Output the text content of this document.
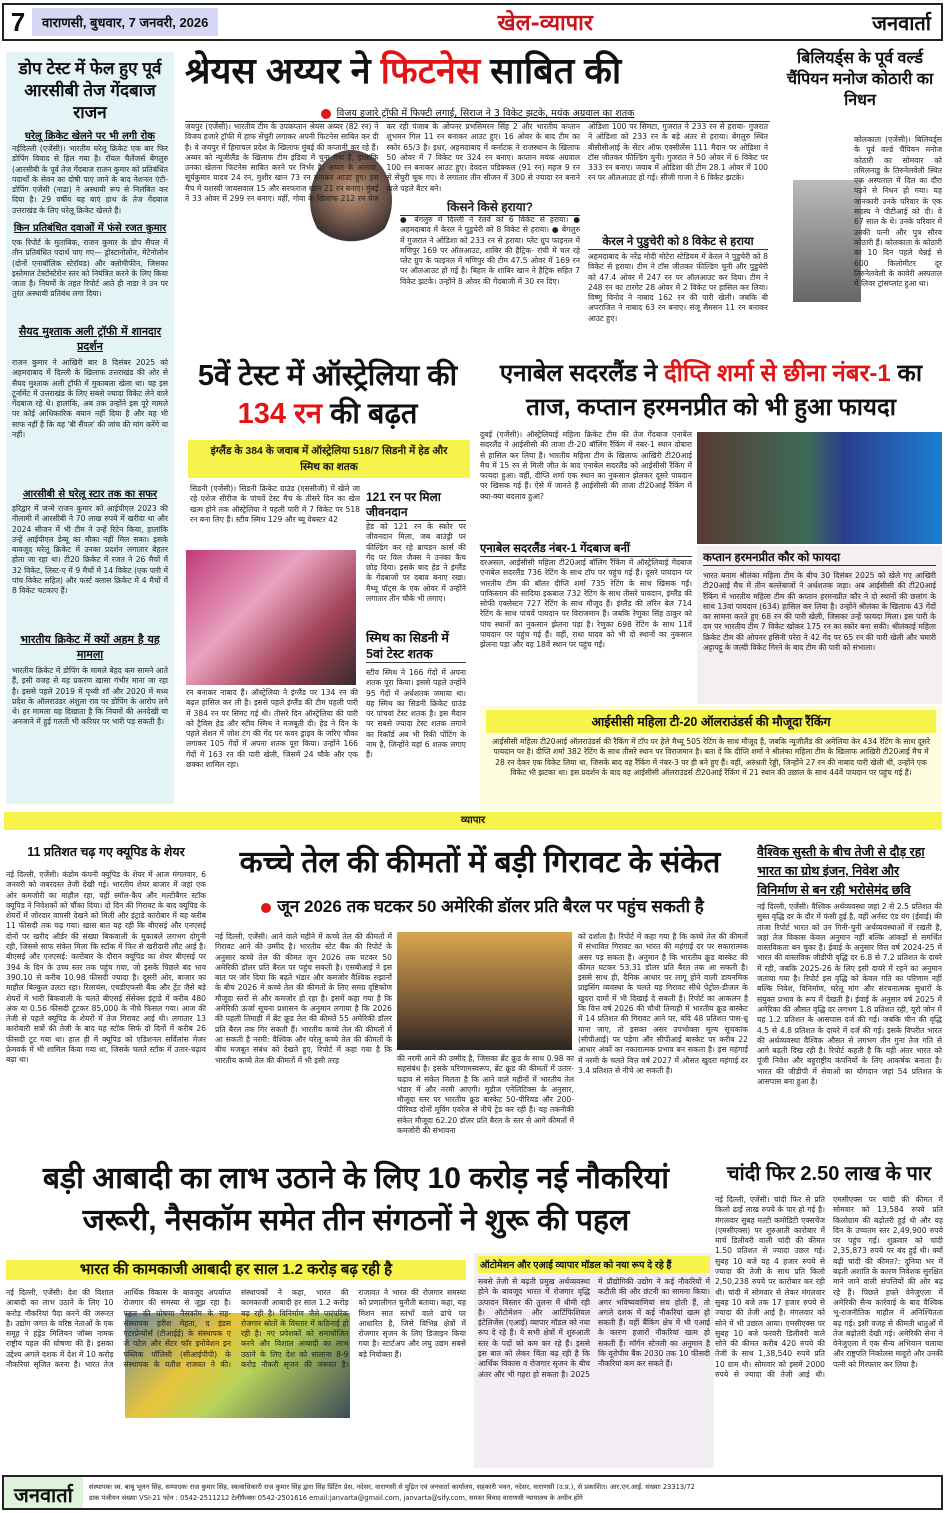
7	वाराणसी, बुधवार, 7 जनवरी, 2026	खेल-व्यापार	जनवार्ता
डोप टेस्ट में फेल हुए पूर्व आरसीबी तेज गेंदबाज राजन
घरेलू क्रिकेट खेलने पर भी लगी रोक
नईदिल्ली (एजेंसी)। भारतीय घरेलू क्रिकेट एक बार फिर डोपिंग विवाद से हिल गया है। रॉयल चैलेंजर्स बेंगलुरु (आरसीबी के पूर्व तेज गेंदबाज राजन कुमार को प्रतिबंधित पदार्थों के सेवन का दोषी पाए जाने के बाद नेशनल एंटी-डोपिंग एजेंसी (नाडा) ने अस्थायी रूप से निलंबित कर दिया है। 29 वर्षीय यह बाएं हाथ के तेज गेंदबाज उत्तराखंड के लिए घरेलू क्रिकेट खेलते हैं।
किन प्रतिबंधित दवाओं में फंसे रजत कुमार
एक रिपोर्ट के मुताबिक, राजन कुमार के डोप सैंपल में तीन प्रतिबंधित पदार्थ पाए गए— ड्रोस्टानोलोन, मेटेनोलोन (दोनों एनाबॉलिक स्टेरॉयड) और क्लोमीफीन, जिसका इस्तेमाल टेस्टोस्टेरोन स्तर को नियंत्रित करने के लिए किया जाता है। नियमों के तहत रिपोर्ट आते ही नाडा ने उन पर तुरंत अस्थायी प्रतिबंध लगा दिया।
सैयद मुश्ताक अली ट्रॉफी में शानदार प्रदर्शन
राजन कुमार ने आखिरी बार 8 दिसंबर 2025 को अहमदाबाद में दिल्ली के खिलाफ उत्तराखंड की ओर से सैयद मुश्ताक अली ट्रॉफी में मुकाबला खेला था। वह इस टूर्नामेंट में उत्तराखंड के लिए सबसे ज्यादा विकेट लेने वाले गेंदबाज रहे थे। हालांकि, अब तक उन्होंने इस पूरे मामले पर कोई आधिकारिक बयान नहीं दिया है और यह भी साफ नहीं है कि वह 'बी सैंपल' की जांच की मांग करेंगे या नहीं।
आरसीबी से घरेलू स्टार तक का सफर
हरिद्वार में जन्मे राजन कुमार को आईपीएल 2023 की नीलामी में आरसीबी ने 70 लाख रुपये में खरीदा था और 2024 सीजन में भी टीम ने उन्हें रिटेन किया, हालांकि उन्हें आईपीएल डेब्यू का मौका नहीं मिल सका। इसके बावजूद घरेलू क्रिकेट में उनका प्रदर्शन लगातार बेहतर होता जा रहा था। टी20 क्रिकेट में रजत ने 26 मैचों में 32 विकेट, लिस्ट-ए में 9 मैचों में 14 विकेट (एक पारी में पांच विकेट सहित) और फर्स्ट क्लास क्रिकेट में 4 मैचों में 8 विकेट चटकाए हैं।
भारतीय क्रिकेट में क्यों अहम है यह मामला
भारतीय क्रिकेट में डोपिंग के मामले बेहद कम सामने आते हैं, इसी वजह से यह प्रकरण खासा गंभीर माना जा रहा है। इससे पहले 2019 में पृथ्वी शॉ और 2020 में मध्य प्रदेश के ऑलराउंडर अंशुला राव पर डोपिंग के आरोप लगे थे। हर मामला यह दिखाता है कि नियमों की अनदेखी या अनजाने में हुई गलती भी करियर पर भारी पड़ सकती है।
श्रेयस अय्यर ने फिटनेस साबित की
विजय हजारे ट्रॉफी में फिफ्टी लगाई, सिराज ने 3 विकेट झटके, मयंक अग्रवाल का शतक
जयपुर (एजेंसी)। भारतीय टीम के उपकप्तान श्रेयस अय्यर (82 रन) ने विजय हजारे ट्रॉफी में हाफ सेंचुरी लगाकर अपनी फिटनेस साबित कर दी है। वे जयपुर में हिमाचल प्रदेश के खिलाफ मुंबई की कप्तानी कर रहे हैं। अय्यर को न्यूजीलैंड के खिलाफ टीम इंडिया में चुना गया है, हालांकि उनका खेलना फिटनेस साबित करने पर निर्भर है। अय्यर के अलावा, सूर्यकुमार यादव 24 रन, मुशीर खान 73 रन बनाकर आउट हुए। इस मैच में यशस्वी जायसवाल 15 और सरफराज खान 21 रन बनाए। मुंबई ने 33 ओवर में 299 रन बनाए। वहीं, गोवा के खिलाफ 212 रन चेज कर रही पंजाब के ओपनर प्रभसिमरन सिंह 2 और भारतीय कप्तान शुभमन गिल 11 रन बनाकर आउट हुए। 16 ओवर के बाद टीम का स्कोर 65/3 है। इधर, अहमदाबाद में कर्नाटक ने राजस्थान के खिलाफ 50 ओवर में 7 विकेट पर 324 रन बनाए। कप्तान मयंक अग्रवाल 100 रन बनाकर आउट हुए। देवदत्त पडिक्कल (91 रन) महज 9 रन से सेंचुरी चूक गए। वे लगातार तीन सीजन में 300 से ज्यादा रन बनाने वाले पहले बैटर बने।
किसने किसे हराया?
● बेंगलुरु में दिल्ली ने रेलवे को 6 विकेट से हराया। ● अहमदाबाद में केरल ने पुडुचेरी को 8 विकेट से हराया। ● बेंगलुरु में गुजरात ने ओडिशा को 233 रन से हराया। प्लेट ग्रुप फाइनल में मणिपुर 169 पर ऑलआउट, शाबिर की हैट्रिक- रांची में चल रहे प्लेट ग्रुप के फाइनल में मणिपुर की टीम 47.5 ओवर में 169 रन पर ऑलआउट हो गई है। बिहार के शाबिर खान ने हैट्रिक सहित 7 विकेट झटके। उन्होंने 8 ओवर की गेंदबाजी में 30 रन दिए।
ओडिशा 100 पर सिमटा, गुजरात ने 233 रन से हराया- गुजरात ने ओडिशा को 233 रन के बड़े अंतर से हराया। बेंगलुरु स्थित बीसीसीआई के सेंटर ऑफ एक्सीलेंस 111 मैदान पर ओडिशा ने टॉस जीतकर फील्डिंग चुनी। गुजरात ने 50 ओवर में 6 विकेट पर 333 रन बनाए। जवाब में ओडिशा की टीम 28.1 ओवर में 100 रन पर ऑलआउट हो गई। सीजी गाजा ने 6 विकेट झटके।
केरल ने पुडुचेरी को 8 विकेट से हराया
अहमदाबाद के नरेंद्र मोदी मोटेरा स्टेडियम में केरल ने पुडुचेरी को 8 विकेट से हराया। टीम ने टॉस जीतकर फील्डिंग चुनी और पुडुचेरी को 47.4 ओवर में 247 रन पर ऑलआउट कर दिया। टीम ने 248 रन का टारगेट 28 ओवर में 2 विकेट पर हासिल कर लिया। विष्णु विनोद ने नाबाद 162 रन की पारी खेली। जबकि बी अपराजित ने नाबाद 63 रन बनाए। संजू सैमसन 11 रन बनाकर आउट हुए।
बिलियर्ड्स के पूर्व वर्ल्ड चैंपियन मनोज कोठारी का निधन
कोलकाता (एजेंसी)। बिलियर्ड्स के पूर्व वर्ल्ड चैंपियन मनोज कोठारी का सोमवार को तमिलनाडु के तिरुनेलवेली स्थित एक अस्पताल में दिल का दौरा पड़ने से निधन हो गया। यह जानकारी उनके परिवार के एक सदस्य ने पीटीआई को दी। वे 67 साल के थे। उनके परिवार में उनकी पत्नी और पुत्र सौरव कोठारी हैं। कोलकाता के कोठारी का 10 दिन पहले चेन्नई से 600 किलोमीटर दूर तिरुनेलवेली के कावेरी अस्पताल में लिवर ट्रांसप्लांट हुआ था।
5वें टेस्ट में ऑस्ट्रेलिया की 134 रन की बढ़त
इंग्लैंड के 384 के जवाब में ऑस्ट्रेलिया 518/7 सिडनी में हेड और स्मिथ का शतक
सिडनी (एजेंसी)। सिडनी क्रिकेट ग्राउंड (एससीजी) में खेले जा रहे एशेज सीरीज के पांचवें टेस्ट मैच के तीसरे दिन का खेल खत्म होने तक ऑस्ट्रेलिया ने पहली पारी में 7 विकेट पर 518 रन बना लिए हैं। स्टीव स्मिथ 129 और ब्यू वेबस्टर 42
रन बनाकर नाबाद हैं। ऑस्ट्रेलिया ने इंग्लैंड पर 134 रन की बढ़त हासिल कर ली है। इससे पहले इंग्लैंड की टीम पहली पारी में 384 रन पर सिमट गई थी। तीसरे दिन ऑस्ट्रेलिया की पारी को ट्रैविस हेड और स्टीव स्मिथ ने मजबूती दी। हेड ने दिन के पहले सेशन में जोश टंग की गेंद पर कवर ड्राइव के जरिए चौका लगाकर 105 गेंदों में अपना शतक पूरा किया। उन्होंने 166 गेंदों में 163 रन की पारी खेली, जिसमें 24 चौके और एक छक्का शामिल रहा।
121 रन पर मिला जीवनदान
हेड को 121 रन के स्कोर पर जीवनदान मिला, जब बाउंड्री पर फील्डिंग कर रहे ब्रायडन कार्स की गेंद पर विल जैक्स ने उनका कैच छोड़ दिया। इसके बाद हेड ने इंग्लैंड के गेंदबाजों पर दबाव बनाए रखा। मैथ्यू पॉट्स के एक ओवर में उन्होंने लगातार तीन चौके भी लगाए।
स्मिथ का सिडनी में 5वां टेस्ट शतक
स्टीव स्मिथ ने 166 गेंदों में अपना शतक पूरा किया। इससे पहले उन्होंने 95 गेंदों में अर्धशतक जमाया था। यह स्मिथ का सिडनी क्रिकेट ग्राउंड पर पांचवां टेस्ट शतक है। इस मैदान पर सबसे ज्यादा टेस्ट शतक लगाने का रिकॉर्ड अब भी रिकी पोंटिंग के नाम है, जिन्होंने यहां 6 शतक लगाए हैं।
एनाबेल सदरलैंड ने दीप्ति शर्मा से छीना नंबर-1 का ताज, कप्तान हरमनप्रीत को भी हुआ फायदा
दुबई (एजेंसी)। ऑस्ट्रेलियाई महिला क्रिकेट टीम की तेज गेंदबाज एनाबेल सदरलैंड ने आईसीसी की ताजा टी-20 बॉलिंग रैंकिंग में नंबर-1 स्थान दोबारा से हासिल कर लिया है। भारतीय महिला टीम के खिलाफ आखिरी टी20आई मैच में 15 रन से मिली जीत के बाद एनाबेल सदरलैंड को आईसीसी रैंकिंग में फायदा हुआ। वहीं, दीप्ति शर्मा एक स्थान का नुकसान झेलकर दूसरे पायदान पर खिसक गई हैं। ऐसे में जानते हैं आईसीसी की ताजा टी20आई रैंकिंग में क्या-क्या बदलाव हुआ?
एनाबेल सदरलैंड नंबर-1 गेंदबाज बनीं
दरअसल, आईसीसी महिला टी20आई बॉलिंग रैंकिंग में ऑस्ट्रेलियाई गेंदबाज एनाबेल सदरलैंड 736 रेटिंग के साथ टॉप पर पहुंच गई हैं। दूसरे पायदान पर भारतीय टीम की बॉलर दीप्ति शर्मा 735 रेटिंग के साथ खिसक गईं। पाकिस्तान की सादिया इकबाल 732 रेटिंग के साथ तीसरे पायदान, इंग्लैंड की सोफी एक्लेस्टन 727 रेटिंग के साथ मौजूद हैं। इंग्लैंड की लॉरेन बेल 714 रेटिंग के साथ पांचवें पायदान पर विराजमान हैं। जबकि रेणुका सिंह ठाकुर को पांच स्थानों का नुकसान झेलना पड़ा है। रेणुका 698 रेटिंग के साथ 11वें पायदान पर पहुंच गई हैं। वहीं, राधा यादव को भी दो स्थानों का नुकसान झेलना पड़ा और वह 18वें स्थान पर पहुंच गईं।
कप्तान हरमनप्रीत कौर को फायदा
भारत बनाम श्रीलंका महिला टीम के बीच 30 दिसंबर 2025 को खेले गए आखिरी टी20आई मैच में तीन बल्लेबाजों ने अर्धशतक जड़ा। अब आईसीसी की टी20आई रैंकिंग में भारतीय महिला टीम की कप्तान हरमनप्रीत कौर ने दो स्थानों की छलांग के साथ 13वां पायदान (634) हासिल कर लिया है। उन्होंने श्रीलंका के खिलाफ 43 गेंदों का सामना करते हुए 68 रन की पारी खेली, जिसका उन्हें फायदा मिला। इस पारी के दम पर भारतीय टीम 7 विकेट खोकर 175 रन का स्कोर बना सकी। श्रीलंकाई महिला क्रिकेट टीम की ओपनर हसिनी परेरा ने 42 गेंद पर 65 रन की पारी खेली और चमारी अट्टापट्टू के जल्दी विकेट गिरने के बाद टीम की पारी को संभाला।
आईसीसी महिला टी-20 ऑलराउंडर्स की मौजूदा रैंकिंग
आईसीसी महिला टी20आई ऑलराउंडर्स की रैंकिंग में टॉप पर हेले मैथ्यू 505 रेटिंग के साथ मौजूद है, जबकि न्यूजीलैंड की अमेलिया केर 434 रेटिंग के साथ दूसरे पायदान पर है। दीप्ति शर्मा 382 रेटिंग के साथ तीसरे स्थान पर विराजमान है। बता दें कि दीप्ति शर्मा ने श्रीलंका महिला टीम के खिलाफ आखिरी टी20आई मैच में 28 रन देकर एक विकेट लिया था, जिसके बाद वह रैंकिंग में नंबर-3 पर ही बने हुए हैं। वहीं, अरुंधती रेड्डी, जिन्होंने 27 रन की नाबाद पारी खेली थी, उन्होंने एक विकेट भी झटका था। इस प्रदर्शन के बाद वह आईसीसी ऑलराउंडर्स टी20आई रैंकिंग में 21 स्थान की उछाल के साथ 44वें पायदान पर पहुंच गई हैं।
व्यापार
11 प्रतिशत चढ़ गए क्यूपिड के शेयर
नई दिल्ली, एजेंसी। कंडोम कंपनी क्यूपिड के शेयर में आज मंगलवार, 6 जनवरी को जबरदस्त तेजी देखी गई। भारतीय शेयर बाजार में जहां एक ओर कमजोरी का माहौल रहा, वहीं स्मॉल-कैप और मल्टीबैगर स्टॉक क्यूपिड ने निवेशकों को चौंका दिया। दो दिन की गिरावट के बाद क्यूपिड के शेयरों में जोरदार वापसी देखने को मिली और इंट्राडे कारोबार में यह करीब 11 फीसदी तक चढ़ गया। खास बात यह रही कि बीएसई और एनएसई दोनों पर खरीद ऑर्डर की संख्या बिकवाली के मुकाबले लगभग दोगुनी रही, जिससे साफ संकेत मिला कि स्टॉक में फिर से खरीदारी लौट आई है। बीएसई और एनएसई: कारोबार के दौरान क्यूपिड का शेयर बीएसई पर 394 के दिन के उच्च स्तर तक पहुंच गया, जो इसके पिछले बंद भाव 390.10 से करीब 10.98 फीसदी ज्यादा है। दूसरी ओर, बाजार का माहौल बिल्कुल उलटा रहा। रिलायंस, एचडीएफसी बैंक और ट्रेंट जैसे बड़े शेयरों में भारी बिकवाली के चलते बीएसई सेंसेक्स इंट्राडे में करीब 480 अंक या 0.56 फीसदी टूटकर 85,000 के नीचे फिसल गया। आज की तेजी से पहले क्यूपिड के शेयरों में तेज गिरावट आई थी। लगातार 13 कारोबारी सत्रों की तेजी के बाद यह स्टॉक सिर्फ दो दिनों में करीब 26 फीसदी टूट गया था। हाल ही में क्यूपिड को एडिशनल सर्विलांस मेजर फ्रेमवर्क में भी शामिल किया गया था, जिसके चलते स्टॉक में उतार-चढ़ाव बढ़ा था।
कच्चे तेल की कीमतों में बड़ी गिरावट के संकेत
जून 2026 तक घटकर 50 अमेरिकी डॉलर प्रति बैरल पर पहुंच सकती है
नई दिल्ली, एजेंसी। आने वाले महीने में कच्चे तेल की कीमतों में गिरावट आने की उम्मीद है। भारतीय स्टेट बैंक की रिपोर्ट के अनुसार कच्चे तेल की कीमत जून 2026 तक घटकर 50 अमेरिकी डॉलर प्रति बैरल पर पहुंच सकती है। एसबीआई ने इस बात पर जोर दिया कि बढ़ते भंडार और कमजोर वैश्विक रुझानों के बीच 2026 में कच्चे तेल की कीमतों के लिए समग्र दृष्टिकोण मौजूदा स्तरों से और कमजोर हो रहा है। इसमें कहा गया है कि अमेरिकी ऊर्जा सूचना प्रशासन के अनुमान लगाया है कि 2026 की पहली तिमाही में ब्रेंट क्रूड तेल की कीमतें 55 अमेरिकी डॉलर प्रति बैरल तक गिर सकती हैं। भारतीय कच्चे तेल की कीमतों में आ सकती है नरमी: वैश्विक और घरेलू कच्चे तेल की कीमतों के बीच मजबूत संबंध को देखते हुए, रिपोर्ट में कहा गया है कि भारतीय कच्चे तेल की कीमतों में भी इसी तरह	की नरमी आने की उम्मीद है, जिसका ब्रेंट क्रूड के साथ 0.98 का सहसंबंध है। इसके परिणामस्वरूप, ब्रेंट क्रूड की कीमतों में उतार-चढ़ाव से संकेत मिलता है कि आने वाले महीनों में भारतीय तेल भंडार में और नरमी आएगी। मूडीज एनेलिटिक्स के अनुसार, मौजूदा स्तर पर भारतीय क्रूड बास्केट 50-पीरियड और 200-पीरियड दोनों मूविंग एवरेज से नीचे ट्रेड कर रही है। यह तकनीकी संकेत मौजूदा 62.20 डॉलर प्रति बैरल के स्तर से आगे कीमतों में कमजोरी की संभावना
को दर्शाता है। रिपोर्ट में कहा गया है कि कच्चे तेल की कीमतों में संभावित गिरावट का भारत की महंगाई दर पर सकारात्मक असर पड़ सकता है। अनुमान है कि भारतीय क्रूड बास्केट की कीमत घटकर 53.31 डॉलर प्रति बैरल तक आ सकती है। इससे साथ ही, दैनिक आधार पर लागू होने वाली डायनमिक प्राइसिंग व्यवस्था के चलते यह गिरावट सीधे पेट्रोल-डीजल के खुदरा दामों में भी दिखाई दे सकती है। रिपोर्ट का आकलन है कि वित्त वर्ष 2026 की चौथी तिमाही में भारतीय क्रूड बास्केट में 14 प्रतिशत की गिरावट आने पर, यदि 48 प्रतिशत पास-थ्रू माना जाए, तो इसका असर उपभोक्ता मूल्य सूचकांक (सीपीआई) पर पड़ेगा और सीपीआई बास्केट पर करीब 22 आधार अंकों का नकारात्मक प्रभाव बन सकता है। इस महंगाई में नरमी के चलते वित्त वर्ष 2027 में औसत खुदरा महंगाई दर 3.4 प्रतिशत से नीचे आ सकती है।
वैश्विक सुस्ती के बीच तेजी से दौड़ रहा भारत का ग्रोथ इंजन, निवेश और विनिर्माण से बन रही भरोसेमंद छवि
नई दिल्ली, एजेंसी। वैश्विक अर्थव्यवस्था जहां 2 से 2.5 प्रतिशत की सुस्त वृद्धि दर के दौर में फंसी हुई है, वहीं अर्नस्ट एंड यंग (ईवाई) की ताजा रिपोर्ट भारत को उन गिनी-चुनी अर्थव्यवस्थाओं में रखती है, जहां तेज विकास केवल अनुमान नहीं बल्कि आंकड़ों से समर्थित वास्तविकता बन चुका है। ईवाई के अनुसार वित्त वर्ष 2024-25 में भारत की वास्तविक जीडीपी वृद्धि दर 6.8 से 7.2 प्रतिशत के दायरे में रही, जबकि 2025-26 के लिए इसी दायरे में रहने का अनुमान जताया गया है। रिपोर्ट इस वृद्धि को केवल गति का परिणाम नहीं बल्कि निवेश, विनिर्माण, घरेलू मांग और संरचनात्मक सुधारों के संयुक्त प्रभाव के रूप में देखती है। ईवाई के अनुसार वर्ष 2025 में अमेरिका की औसत वृद्धि दर लगभग 1.8 प्रतिशत रही, यूरो जोन में यह 1.2 प्रतिशत के आसपास दर्ज की गई। जबकि चीन की वृद्धि 4.5 से 4.8 प्रतिशत के दायरे में दर्ज की गई। इसके विपरीत भारत की अर्थव्यवस्था वैश्विक औसत से लगभग तीन गुना तेज गति से आगे बढ़ती दिख रही है। रिपोर्ट कहती है कि यही अंतर भारत को पूंजी निवेश और बहुराष्ट्रीय कंपनियों के लिए आकर्षक बनाता है। भारत की जीडीपी में सेवाओं का योगदान जहां 54 प्रतिशत के आसपास बना हुआ है।
बड़ी आबादी का लाभ उठाने के लिए 10 करोड़ नई नौकरियां जरूरी, नैसकॉम समेत तीन संगठनों ने शुरू की पहल
भारत की कामकाजी आबादी हर साल 1.2 करोड़ बढ़ रही है
नई दिल्ली, एजेंसी। देश की विशाल आबादी का लाभ उठाने के लिए 10 करोड़ नौकरियां पैदा करने की जरूरत है। उद्योग जगत के वरिष्ठ नेताओं के एक समूह ने हंड्रेड मिलियन जॉब्स नामक राष्ट्रीय पहल की घोषणा की है। इसका उद्देश्य अगले दशक में देश में 10 करोड़ नौकरियां सृजित करना है। भारत तेज आर्थिक विकास के बावजूद अपर्याप्त रोजगार की समस्या से जूझ रहा है। पहल की घोषणा नैसकॉम के सह-संस्थापक हरीश मेहता, द इंडस एंटरप्रेन्योर्स (टीआईई) के संस्थापक ए जे पटेल और सेंटर फॉर इनोवेशन इन पब्लिक पॉलिसी (सीआईपीपी) के संस्थापक के यतीश राजवत ने की। संस्थापकों ने कहा, भारत की कामकाजी आबादी हर साल 1.2 करोड़ बढ़ रही है। विनिर्माण जैसे पारंपरिक रोजगार स्रोतों के विस्तार में कठिनाई हो रही है। नए प्रवेशकों को समायोजित करने और विशाल आबादी का लाभ उठाने के लिए देश को सालाना 8-9 करोड़ नौकरी सृजन की जरूरत है। राजावत ने भारत की रोजगार समस्या को प्रणालीगत चुनौती बताया। कहा, यह मिशन सात स्तंभों वाले ढांचे पर आधारित है, जिसे विभिन्न क्षेत्रों में रोजगार सृजन के लिए डिजाइन किया गया है। स्टार्टअप और लघु उद्यम सबसे बड़े नियोक्ता हैं।
ऑटोमेशन और एआई व्यापार मॉडल को नया रूप दे रहे हैं
सबसे तेजी से बढ़ती प्रमुख अर्थव्यवस्था होने के बावजूद भारत में रोजगार वृद्धि उत्पादन विस्तार की तुलना में धीमी रही है। ऑटोमेशन और आर्टिफिशियल इंटेलिजेंस (एआई) व्यापार मॉडल को नया रूप दे रहे हैं। ये सभी क्षेत्रों में शुरुआती स्तर के पदों को कम कर रहे हैं। इससे इस बात को लेकर चिंता बढ़ रही है कि आर्थिक विकास व रोजगार सृजन के बीच अंतर और भी गहरा हो सकता है। 2025 में प्रौद्योगिकी उद्योग ने कई नौकरियों में कटौती की और छंटनी का सामना किया। अगर भविष्यवाणियां सच होती हैं, तो अगले दशक में कई नौकरियां खत्म हो सकती हैं। वहीं बैंकिंग क्षेत्र में भी एआई के कारण हजारों नौकरियां खत्म हो सकती हैं। मॉर्गन स्टेनली का अनुमान है कि यूरोपीय बैंक 2030 तक 10 फीसदी नौकरियां कम कर सकते हैं।
चांदी फिर 2.50 लाख के पार
नई दिल्ली, एजेंसी। चांदी फिर से प्रति किलो ढाई लाख रुपये के पार हो गई है। मंगलवार सुबह मल्टी कमोडिटी एक्सचेंज (एमसीएक्स) पर शुरुआती कारोबार में मार्च डिलीवरी वाली चांदी की कीमत 1.50 प्रतिशत से ज्यादा उछल गई। सुबह 10 बजे यह 4 हजार रुपये से ज्यादा की तेजी के साथ प्रति किलो 2,50,238 रुपये पर कारोबार कर रही थी। चांदी में सोमवार से लेकर मंगलवार सुबह 10 बजे तक 17 हजार रुपये से ज्यादा की तेजी आई है। मंगलवार को सोने में भी उछाल आया। एमसीएक्स पर सुबह 10 बजे फरवरी डिलीवरी वाले सोने की कीमत करीब 420 रुपये की तेजी के साथ 1,38,540 रुपये प्रति 10 ग्राम थी। सोमवार को इसमें 2000 रुपये से ज्यादा की तेजी आई थी। एमसीएक्स पर चांदी की कीमत में सोमवार को 13,584 रुपये प्रति किलोग्राम की बढ़ोतरी हुई थी और यह दिन के उच्चतम स्तर 2,49,900 रुपये पर पहुंच गई। शुक्रवार को चांदी 2,35,873 रुपये पर बंद हुई थी। क्यों बढ़ी चांदी की कीमत?: दुनिया भर में बढ़ती अशांति के कारण निवेशक सुरक्षित माने जाने वाली संपत्तियों की ओर बढ़ रहे हैं। पिछले हफ्ते वेनेजुएला में अमेरिकी सैन्य कार्रवाई के बाद वैश्विक भू-राजनीतिक माहौल में अनिश्चितता बढ़ गई। इसी वजह से कीमती धातुओं में तेज बढ़ोतरी देखी गई। अमेरिकी सेना ने वेनेजुएला में एक सैन्य अभियान चलाया और राष्ट्रपति निकोलस मादुरो और उनकी पत्नी को गिरफ्तार कर लिया है।
जनवार्ता	संस्थापकः स्व. बाबू भूलन सिंह, सम्पादकः राज कुमार सिंह, स्वत्वाधिकारी राज कुमार सिंह द्वारा सिंह प्रिंटिंग प्रेस, नदेसर, वाराणसी से मुद्रित एवं जनवार्ता कार्यालय, सहकारी भवन, नदेसर, वाराणसी (उ.प्र.), से प्रकाशित। आर.एन.आई. संख्याः 23313/72
डाक पंजीयन संख्याः VSI-21 फोन : 0542-2511212 टेलीफैक्सः 0542-2501616 email:janvarta@gmail.com, janvarta@sify.com, समस्त विवाद वाराणसी न्यायालय के अधीन होंगे
